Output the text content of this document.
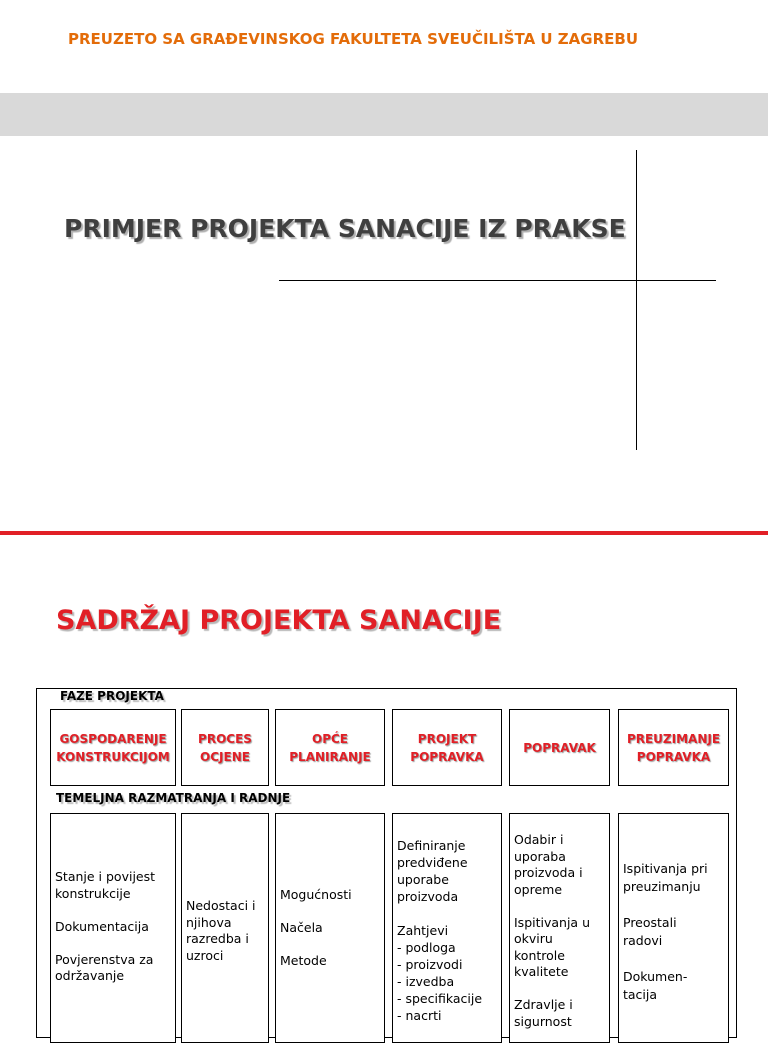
PREUZETO SA GRAĐEVINSKOG FAKULTETA SVEUČILIŠTA U ZAGREBU
PRIMJER PROJEKTA SANACIJE IZ PRAKSE
SADRŽAJ PROJEKTA SANACIJE
FAZE PROJEKTA
GOSPODARENJE
KONSTRUKCIJOM
PROCES
OCJENE
OPĆE
PLANIRANJE
PROJEKT
POPRAVKA
POPRAVAK
PREUZIMANJE
POPRAVKA
TEMELJNA RAZMATRANJA I RADNJE
Stanje i povijest
konstrukcije

Dokumentacija

Povjerenstva za
održavanje
Nedostaci i
njihova
razredba i
uzroci
Mogućnosti

Načela

Metode
Definiranje
predviđene
uporabe
proizvoda

Zahtjevi
- podloga
- proizvodi
- izvedba
- specifikacije
- nacrti
Odabir i
uporaba
proizvoda i
opreme

Ispitivanja u
okviru
kontrole
kvalitete

Zdravlje i
sigurnost
Ispitivanja pri
preuzimanju

Preostali
radovi

Dokumen-
tacija
